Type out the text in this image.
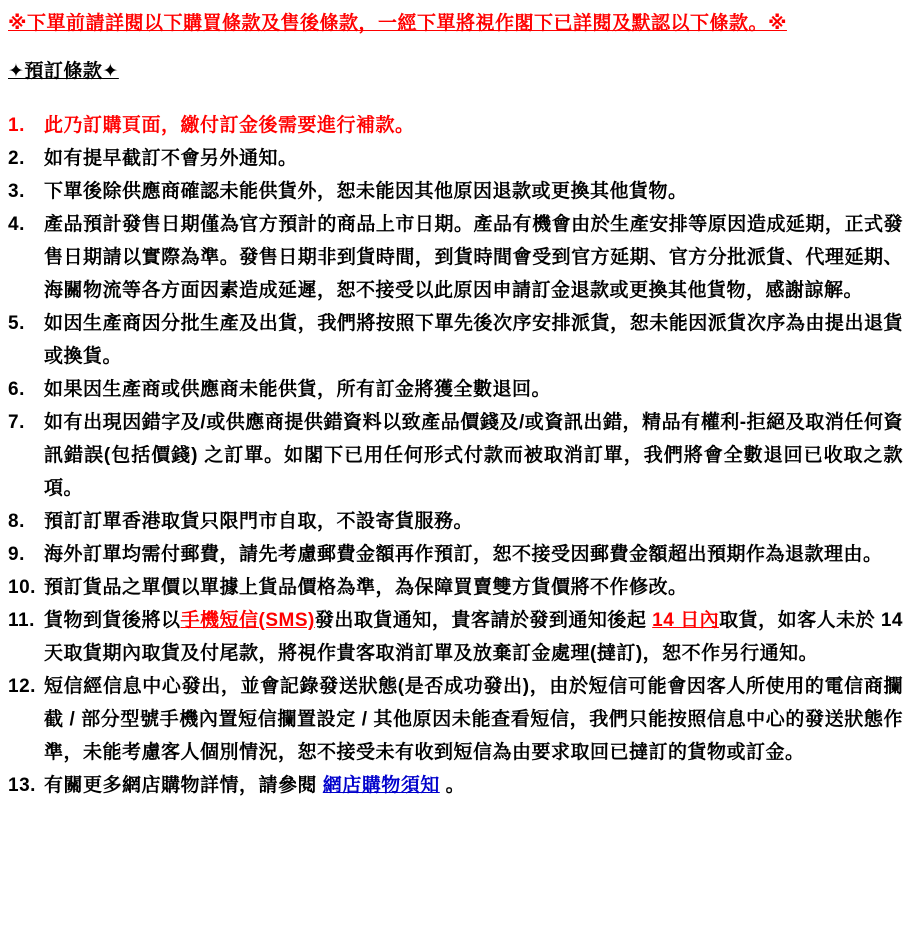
※下單前請詳閱以下購買條款及售後條款，一經下單將視作閣下已詳閱及默認以下條款。※
✦預訂條款✦
1.	此乃訂購頁面，繳付訂金後需要進行補款。
2.	如有提早截訂不會另外通知。
3.	下單後除供應商確認未能供貨外，恕未能因其他原因退款或更換其他貨物。
4.	產品預計發售日期僅為官方預計的商品上市日期。產品有機會由於生產安排等原因造成延期，正式發售日期請以實際為準。發售日期非到貨時間，到貨時間會受到官方延期、官方分批派貨、代理延期、海關物流等各方面因素造成延遲，恕不接受以此原因申請訂金退款或更換其他貨物，感謝諒解。
5.	如因生產商因分批生產及出貨，我們將按照下單先後次序安排派貨，恕未能因派貨次序為由提出退貨或換貨。
6.	如果因生產商或供應商未能供貨，所有訂金將獲全數退回。
7.	如有出現因錯字及/或供應商提供錯資料以致產品價錢及/或資訊出錯，精品有權利-拒絕及取消任何資訊錯誤(包括價錢) 之訂單。如閣下已用任何形式付款而被取消訂單，我們將會全數退回已收取之款項。
8.	預訂訂單香港取貨只限門市自取，不設寄貨服務。
9.	海外訂單均需付郵費，請先考慮郵費金額再作預訂，恕不接受因郵費金額超出預期作為退款理由。
10. 預訂貨品之單價以單據上貨品價格為準，為保障買賣雙方貨價將不作修改。
11. 貨物到貨後將以手機短信(SMS)發出取貨通知，貴客請於發到通知後起 14 日內取貨，如客人未於 14 天取貨期內取貨及付尾款，將視作貴客取消訂單及放棄訂金處理(撻訂)，恕不作另行通知。
12. 短信經信息中心發出，並會記錄發送狀態(是否成功發出)，由於短信可能會因客人所使用的電信商攔截 / 部分型號手機內置短信攔置設定 / 其他原因未能查看短信，我們只能按照信息中心的發送狀態作準，未能考慮客人個別情況，恕不接受未有收到短信為由要求取回已撻訂的貨物或訂金。
13. 有關更多網店購物詳情，請參閱 網店購物須知 。
